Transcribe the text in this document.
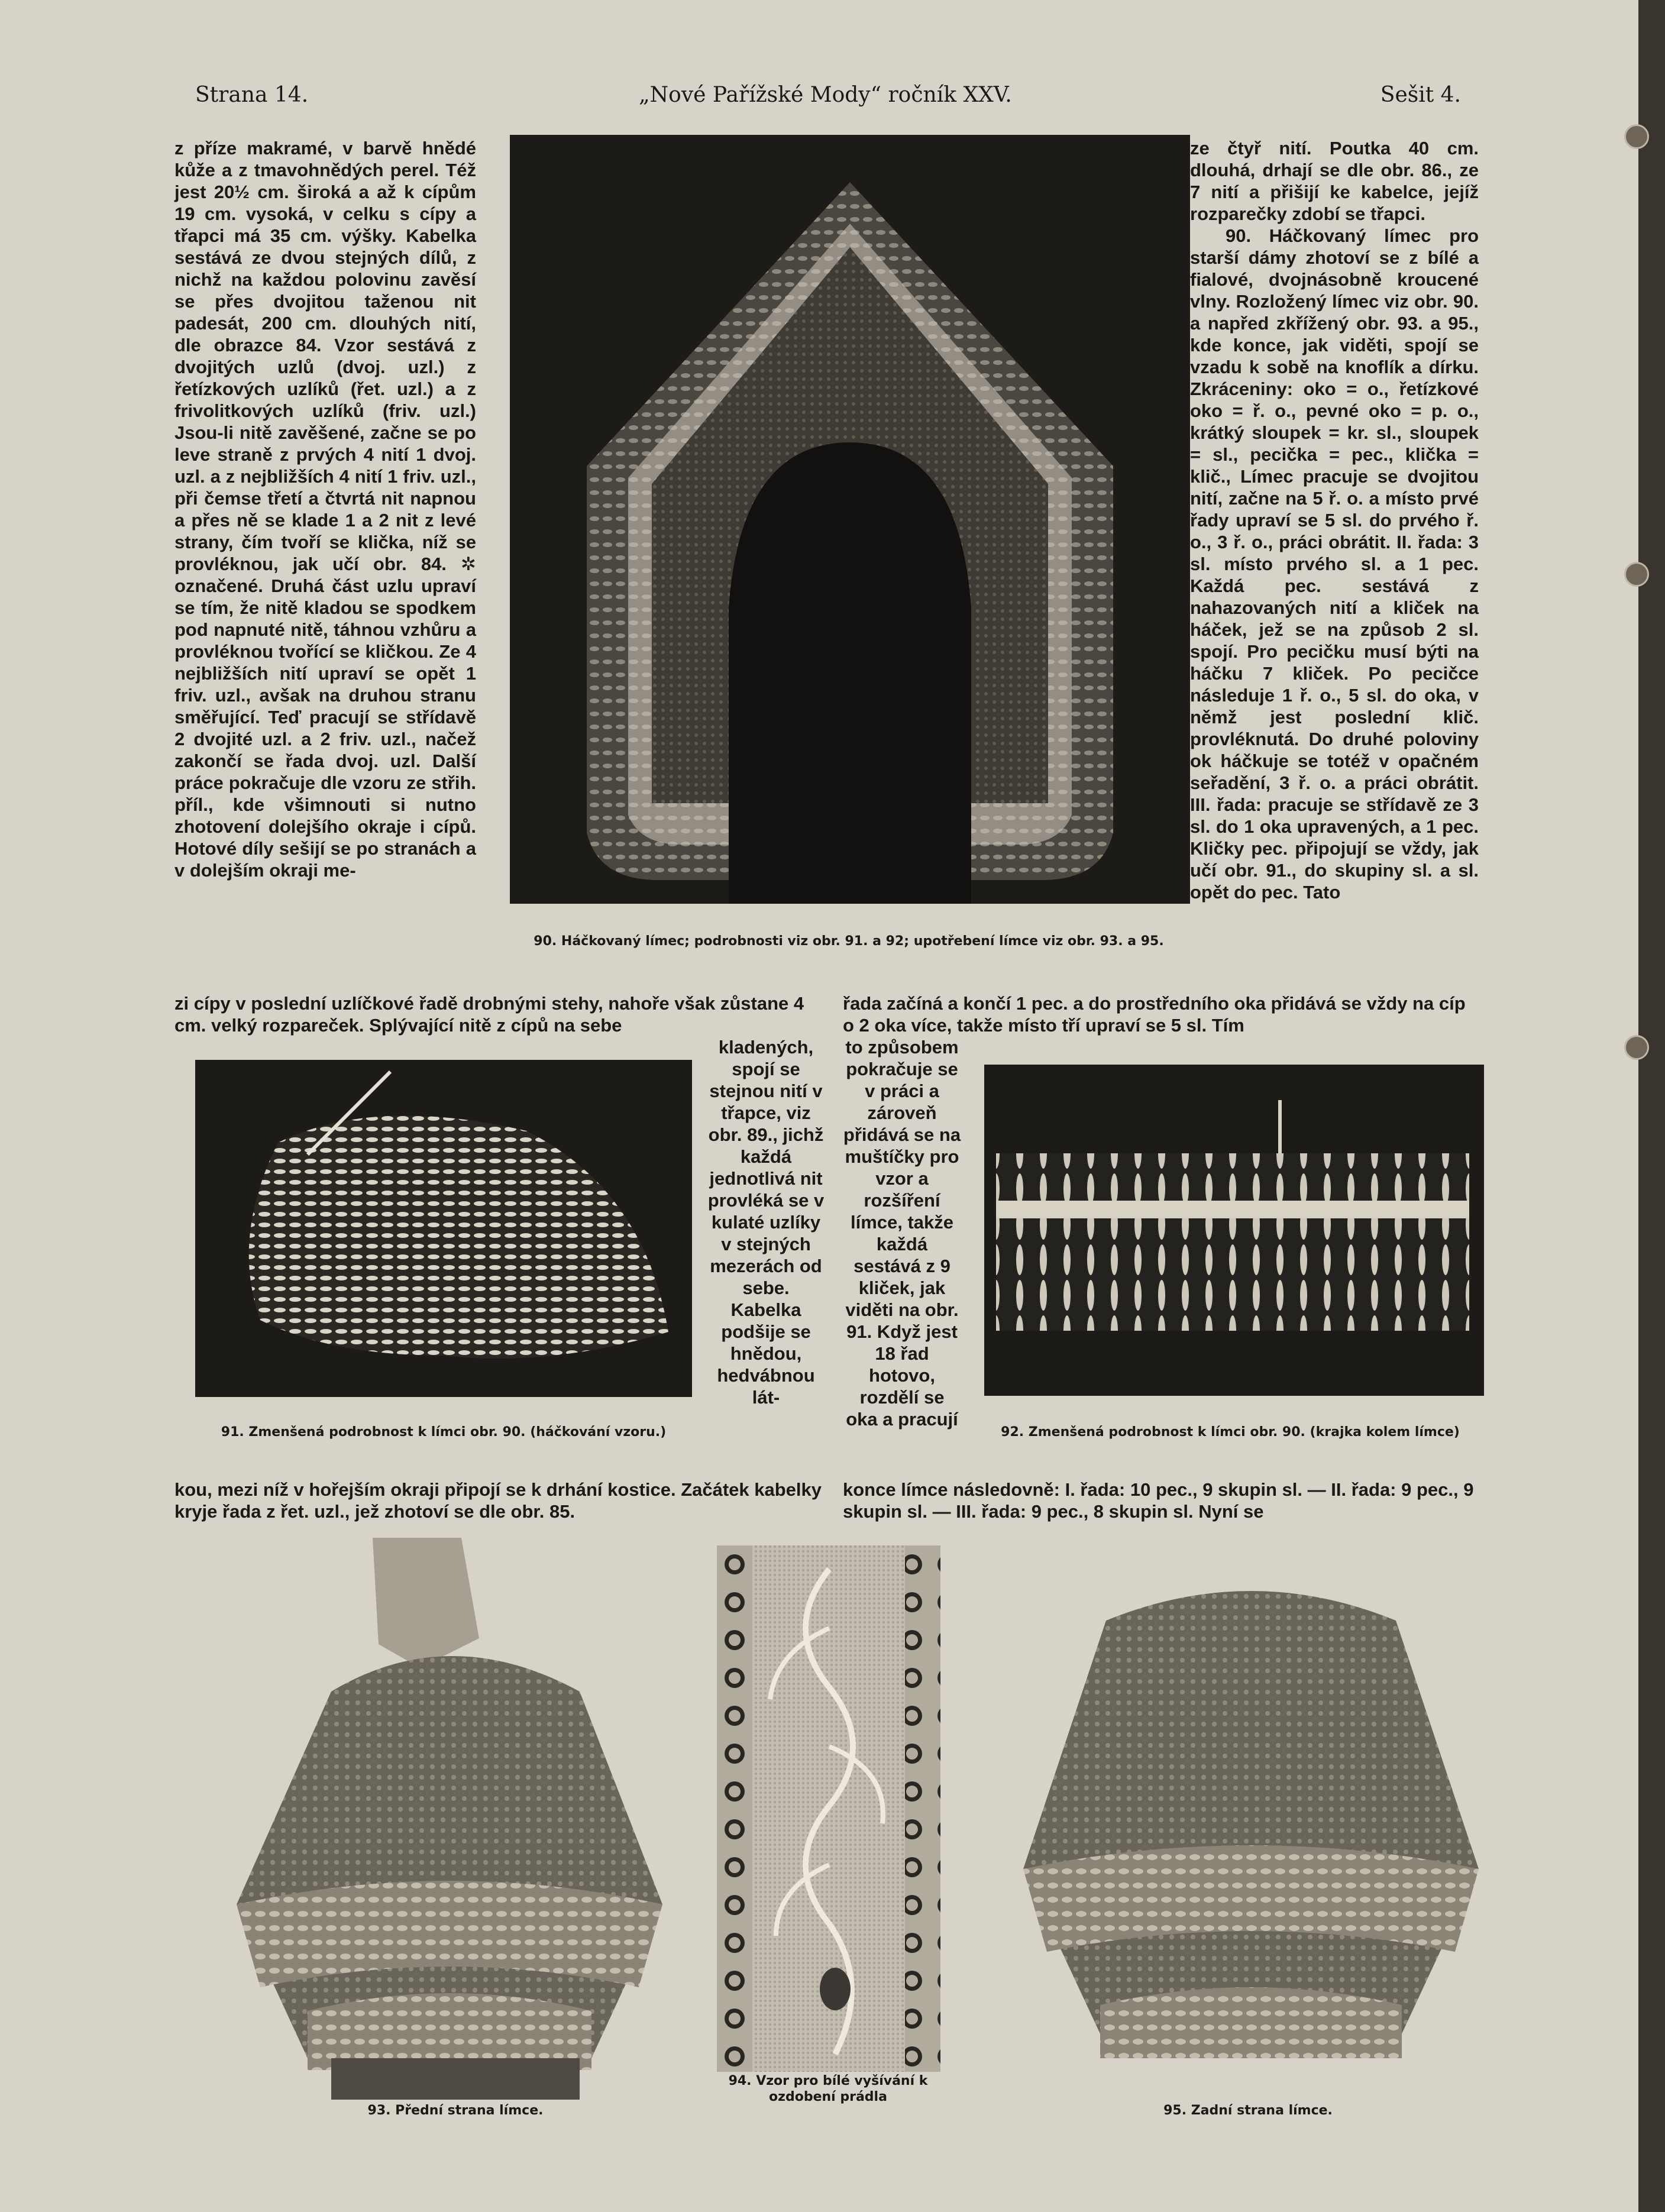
Strana 14.	„Nové Pařížské Mody“ ročník XXV.	Sešit 4.

z příze makramé, v barvě hnědé kůže a z tmavohnědých perel. Též jest 20½ cm. široká a až k cípům 19 cm. vysoká, v celku s cípy a třapci má 35 cm. výšky. Kabelka sestává ze dvou stejných dílů, z nichž na každou polovinu zavěsí se přes dvojitou taženou nit padesát, 200 cm. dlouhých nití, dle obrazce 84. Vzor sestává z dvojitých uzlů (dvoj. uzl.) z řetízkových uzlíků (řet. uzl.) a z frivolitkových uzlíků (friv. uzl.) Jsou-li nitě zavěšené, začne se po leve straně z prvých 4 nití 1 dvoj. uzl. a z nejbližších 4 nití 1 friv. uzl., při čemse třetí a čtvrtá nit napnou a přes ně se klade 1 a 2 nit z levé strany, čím tvoří se klička, níž se provléknou, jak učí obr. 84. ✲ označené. Druhá část uzlu upraví se tím, že nitě kladou se spodkem pod napnuté nitě, táhnou vzhůru a provléknou tvořící se kličkou. Ze 4 nejbližších nití upraví se opět 1 friv. uzl., avšak na druhou stranu směřující. Teď pracují se střídavě 2 dvojité uzl. a 2 friv. uzl., načež zakončí se řada dvoj. uzl. Další práce pokračuje dle vzoru ze střih. příl., kde všimnouti si nutno zhotovení dolejšího okraje i cípů. Hotové díly sešijí se po stranách a v dolejším okraji me-

90. Háčkovaný límec; podrobnosti viz obr. 91. a 92; upotřebení límce viz obr. 93. a 95.

ze čtyř nití. Poutka 40 cm. dlouhá, drhají se dle obr. 86., ze 7 nití a přišijí ke kabelce, jejíž rozparečky zdobí se třapci.

90. Háčkovaný límec pro starší dámy zhotoví se z bílé a fialové, dvojnásobně kroucené vlny. Rozložený límec viz obr. 90. a napřed zkřížený obr. 93. a 95., kde konce, jak viděti, spojí se vzadu k sobě na knoflík a dírku. Zkráceniny: oko = o., řetízkové oko = ř. o., pevné oko = p. o., krátký sloupek = kr. sl., sloupek = sl., pecička = pec., klička = klič., Límec pracuje se dvojitou nití, začne na 5 ř. o. a místo prvé řady upraví se 5 sl. do prvého ř. o., 3 ř. o., práci obrátit. II. řada: 3 sl. místo prvého sl. a 1 pec. Každá pec. sestává z nahazovaných nití a kliček na háček, jež se na způsob 2 sl. spojí. Pro pecičku musí býti na háčku 7 kliček. Po pecičce následuje 1 ř. o., 5 sl. do oka, v němž jest poslední klič. provléknutá. Do druhé poloviny ok háčkuje se totéž v opačném seřadění, 3 ř. o. a práci obrátit. III. řada: pracuje se střídavě ze 3 sl. do 1 oka upravených, a 1 pec. Kličky pec. připojují se vždy, jak učí obr. 91., do skupiny sl. a sl. opět do pec. Tato

zi cípy v poslední uzlíčkové řadě drobnými stehy, nahoře však zůstane 4 cm. velký rozpareček. Splývající nitě z cípů na sebe

řada začíná a končí 1 pec. a do prostředního oka přidává se vždy na cíp o 2 oka více, takže místo tří upraví se 5 sl. Tím

91. Zmenšená podrobnost k límci obr. 90. (háčkování vzoru.)

kladených, spojí se stejnou nití v třapce, viz obr. 89., jichž každá jednotlivá nit provléká se v kulaté uzlíky v stejných mezerách od sebe. Kabelka podšije se hnědou, hedvábnou lát-

to způsobem pokračuje se v práci a zároveň přidává se na muštíčky pro vzor a rozšíření límce, takže každá sestává z 9 kliček, jak viděti na obr. 91. Když jest 18 řad hotovo, rozdělí se oka a pracují

92. Zmenšená podrobnost k límci obr. 90. (krajka kolem límce)

kou, mezi níž v hořejším okraji připojí se k drhání kostice. Začátek kabelky kryje řada z řet. uzl., jež zhotoví se dle obr. 85.

konce límce následovně: I. řada: 10 pec., 9 skupin sl. — II. řada: 9 pec., 9 skupin sl. — III. řada: 9 pec., 8 skupin sl. Nyní se

93. Přední strana límce.
94. Vzor pro bílé vyšívání k ozdobení prádla
95. Zadní strana límce.
